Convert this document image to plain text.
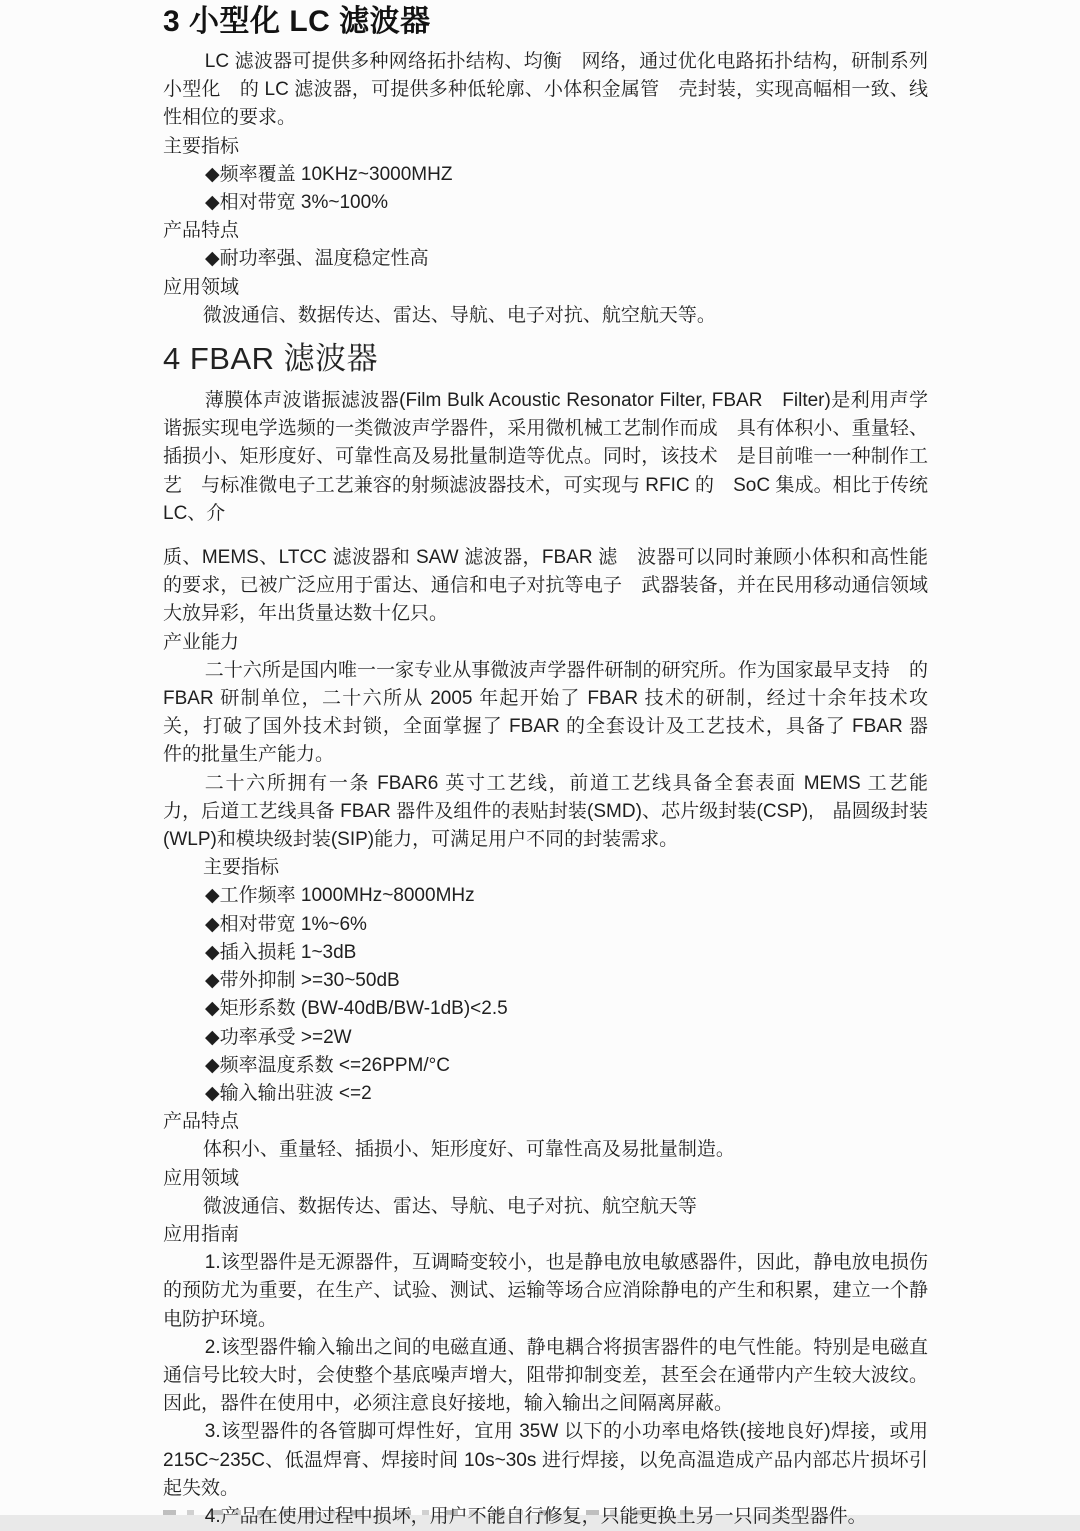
3 小型化 LC 滤波器

LC 滤波器可提供多种网络拓扑结构、均衡　网络，通过优化电路拓扑结构，研制系列小型化　的 LC 滤波器，可提供多种低轮廓、小体积金属管　壳封装，实现高幅相一致、线性相位的要求。

主要指标

◆频率覆盖 10KHz~3000MHZ

◆相对带宽 3%~100%

产品特点

◆耐功率强、温度稳定性高

应用领域

微波通信、数据传达、雷达、导航、电子对抗、航空航天等。

4 FBAR 滤波器

薄膜体声波谐振滤波器(Film Bulk Acoustic Resonator Filter, FBAR　Filter)是利用声学谐振实现电学选频的一类微波声学器件，采用微机械工艺制作而成　具有体积小、重量轻、插损小、矩形度好、可靠性高及易批量制造等优点。同时，该技术　是目前唯一一种制作工艺　与标准微电子工艺兼容的射频滤波器技术，可实现与 RFIC 的　SoC 集成。相比于传统 LC、介

质、MEMS、LTCC 滤波器和 SAW 滤波器，FBAR 滤　波器可以同时兼顾小体积和高性能的要求，已被广泛应用于雷达、通信和电子对抗等电子　武器装备，并在民用移动通信领域大放异彩，年出货量达数十亿只。

产业能力

二十六所是国内唯一一家专业从事微波声学器件研制的研究所。作为国家最早支持　的FBAR 研制单位，二十六所从 2005 年起开始了 FBAR 技术的研制，经过十余年技术攻　关，打破了国外技术封锁，全面掌握了 FBAR 的全套设计及工艺技术，具备了 FBAR 器　件的批量生产能力。

二十六所拥有一条 FBAR6 英寸工艺线，前道工艺线具备全套表面 MEMS 工艺能　力，后道工艺线具备 FBAR 器件及组件的表贴封装(SMD)、芯片级封装(CSP),　晶圆级封装(WLP)和模块级封装(SIP)能力，可满足用户不同的封装需求。

主要指标

◆工作频率 1000MHz~8000MHz

◆相对带宽 1%~6%

◆插入损耗 1~3dB

◆带外抑制 >=30~50dB

◆矩形系数 (BW-40dB/BW-1dB)<2.5

◆功率承受 >=2W

◆频率温度系数 <=26PPM/°C

◆输入输出驻波 <=2

产品特点

体积小、重量轻、插损小、矩形度好、可靠性高及易批量制造。

应用领域

微波通信、数据传达、雷达、导航、电子对抗、航空航天等

应用指南

1.该型器件是无源器件，互调畸变较小，也是静电放电敏感器件，因此，静电放电损伤的预防尤为重要，在生产、试验、测试、运输等场合应消除静电的产生和积累，建立一个静电防护环境。

2.该型器件输入输出之间的电磁直通、静电耦合将损害器件的电气性能。特别是电磁直通信号比较大时，会使整个基底噪声增大，阻带抑制变差，甚至会在通带内产生较大波纹。因此，器件在使用中，必须注意良好接地，输入输出之间隔离屏蔽。

3.该型器件的各管脚可焊性好，宜用 35W 以下的小功率电烙铁(接地良好)焊接，或用215C~235C、低温焊膏、焊接时间 10s~30s 进行焊接，以免高温造成产品内部芯片损坏引起失效。

4.产品在使用过程中损坏，用户不能自行修复，只能更换上另一只同类型器件。
